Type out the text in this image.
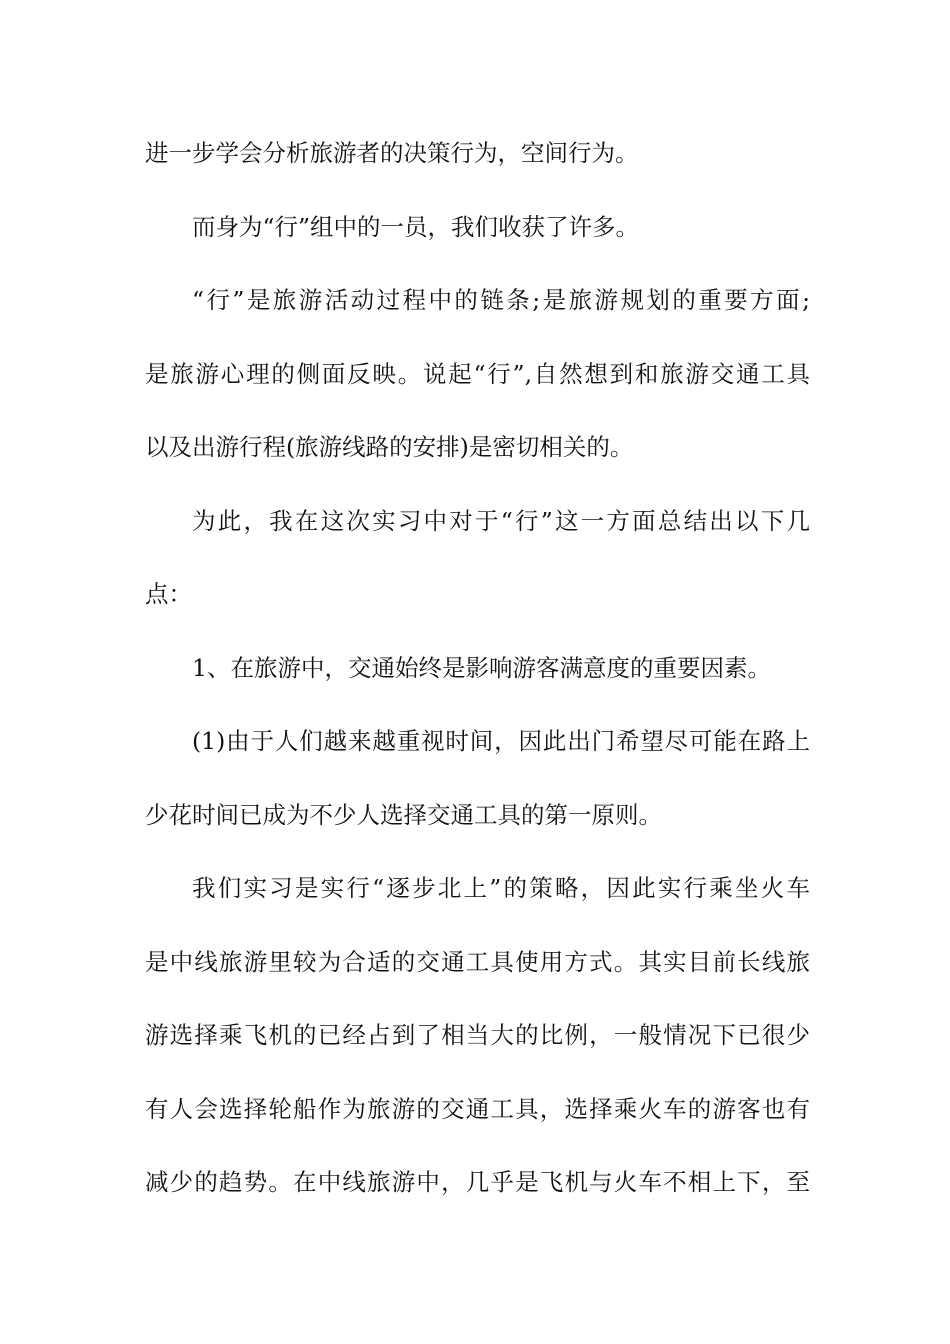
进一步学会分析旅游者的决策行为，空间行为。
而身为“行”组中的一员，我们收获了许多。
“行”是旅游活动过程中的链条;是旅游规划的重要方面;
是旅游心理的侧面反映。说起“行”,自然想到和旅游交通工具
以及出游行程(旅游线路的安排)是密切相关的。
为此，我在这次实习中对于“行”这一方面总结出以下几
点：
1、在旅游中，交通始终是影响游客满意度的重要因素。
(1)由于人们越来越重视时间，因此出门希望尽可能在路上
少花时间已成为不少人选择交通工具的第一原则。
我们实习是实行“逐步北上”的策略，因此实行乘坐火车
是中线旅游里较为合适的交通工具使用方式。其实目前长线旅
游选择乘飞机的已经占到了相当大的比例，一般情况下已很少
有人会选择轮船作为旅游的交通工具，选择乘火车的游客也有
减少的趋势。在中线旅游中，几乎是飞机与火车不相上下，至
